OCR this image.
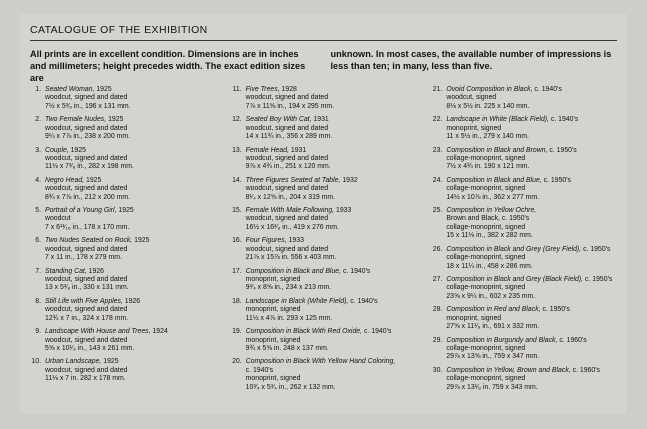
CATALOGUE OF THE EXHIBITION
All prints are in excellent condition. Dimensions are in inches and millimeters; height precedes width. The exact edition sizes are
unknown. In most cases, the available number of impressions is less than ten; in many, less than five.
1. Seated Woman, 1925
woodcut, signed and dated
7½ x 5³⁄₈ in., 196 x 131 mm.
2. Two Female Nudes, 1925
woodcut, signed and dated
9¼ x 7⅞ in., 238 x 200 mm.
3. Couple, 1925
woodcut, signed and dated
11⅛ x 7³⁄₈ in., 282 x 198 mm.
4. Negro Head, 1925
woodcut, signed and dated
8¾ x 7⅞ in., 212 x 200 mm.
5. Portrait of a Young Girl, 1925
woodcut
7 x 6¹¹⁄₁₆ in., 178 x 170 mm.
6. Two Nudes Seated on Rock, 1925
woodcut, signed and dated
7 x 11 in., 178 x 279 mm.
7. Standing Cat, 1926
woodcut, signed and dated
13 x 5³⁄₈ in., 330 x 131 mm.
8. Still Life with Five Apples, 1926
woodcut, signed and dated
12¾ x 7 in., 324 x 178 mm.
9. Landscape With House and Trees, 1924
woodcut, signed and dated
5⅝ x 10¹⁄₈ in., 143 x 261 mm.
10. Urban Landscape, 1925
woodcut, signed and dated
11⅛ x 7 in. 282 x 178 mm.
11. Five Trees, 1928
woodcut, signed and dated
7⅞ x 11⅝ in., 194 x 295 mm.
12. Seated Boy With Cat, 1931
woodcut, signed and dated
14 x 11¾ in., 356 x 289 mm.
13. Female Head, 1931
woodcut, signed and dated
9⅞ x 4¾ in., 251 x 120 mm.
14. Three Figures Seated at Table, 1932
woodcut, signed and dated
8¹⁄₄ x 12⅝ in., 204 x 319 mm.
15. Female With Male Following, 1933
woodcut, signed and dated
16½ x 16³⁄₈ in., 419 x 276 mm.
16. Four Figures, 1933
woodcut, signed and dated
21⅞ x 15⅞ in. 556 x 403 mm.
17. Composition in Black and Blue, c. 1940's
monoprint, signed
9³⁄₄ x 8⅝ in., 234 x 213 mm.
18. Landscape in Black (White Field), c. 1940's
monoprint, signed
11½ x 4⅞ in. 293 x 125 mm.
19. Composition in Black With Red Oxide, c. 1940's
monoprint, signed
9¾ x 5⅝ in. 248 x 137 mm.
20. Composition in Black With Yellow Hand Coloring,
c. 1940's
monoprint, signed
10³⁄₄ x 5³⁄₄ in., 262 x 132 mm.
21. Ovoid Composition in Black, c. 1940's
woodcut, signed
8⅛ x 5½ in. 225 x 140 mm.
22. Landscape in White (Black Field), c. 1940's
monoprint, signed
11 x 5½ in., 279 x 140 mm.
23. Composition in Black and Brown, c. 1950's
collage-monoprint, signed
7½ x 4¾ in. 190 x 121 mm.
24. Composition in Black and Blue, c. 1950's
collage-monoprint, signed
14½ x 10⅞ in., 362 x 277 mm.
25. Composition in Yellow Ochre,
Brown and Black, c. 1950's
collage-monoprint, signed
15 x 11⅛ in., 382 x 282 mm.
26. Composition in Black and Grey (Grey Field), c. 1950's
collage-monoprint, signed
18 x 11¼ in., 458 x 286 mm.
27. Composition in Black and Grey (Black Field), c. 1950's
collage-monoprint, signed
23⅝ x 9¼ in., 602 x 235 mm.
28. Composition in Red and Black, c. 1950's
monoprint, signed
27⅝ x 11¹⁄₈ in., 691 x 332 mm.
29. Composition in Burgundy and Black, c. 1960's
collage-monoprint, signed
29⅞ x 13⅝ in., 759 x 347 mm.
30. Composition in Yellow, Brown and Black, c. 1960's
collage-monoprint, signed
29⅞ x 13¹⁄₈ in. 759 x 343 mm.
